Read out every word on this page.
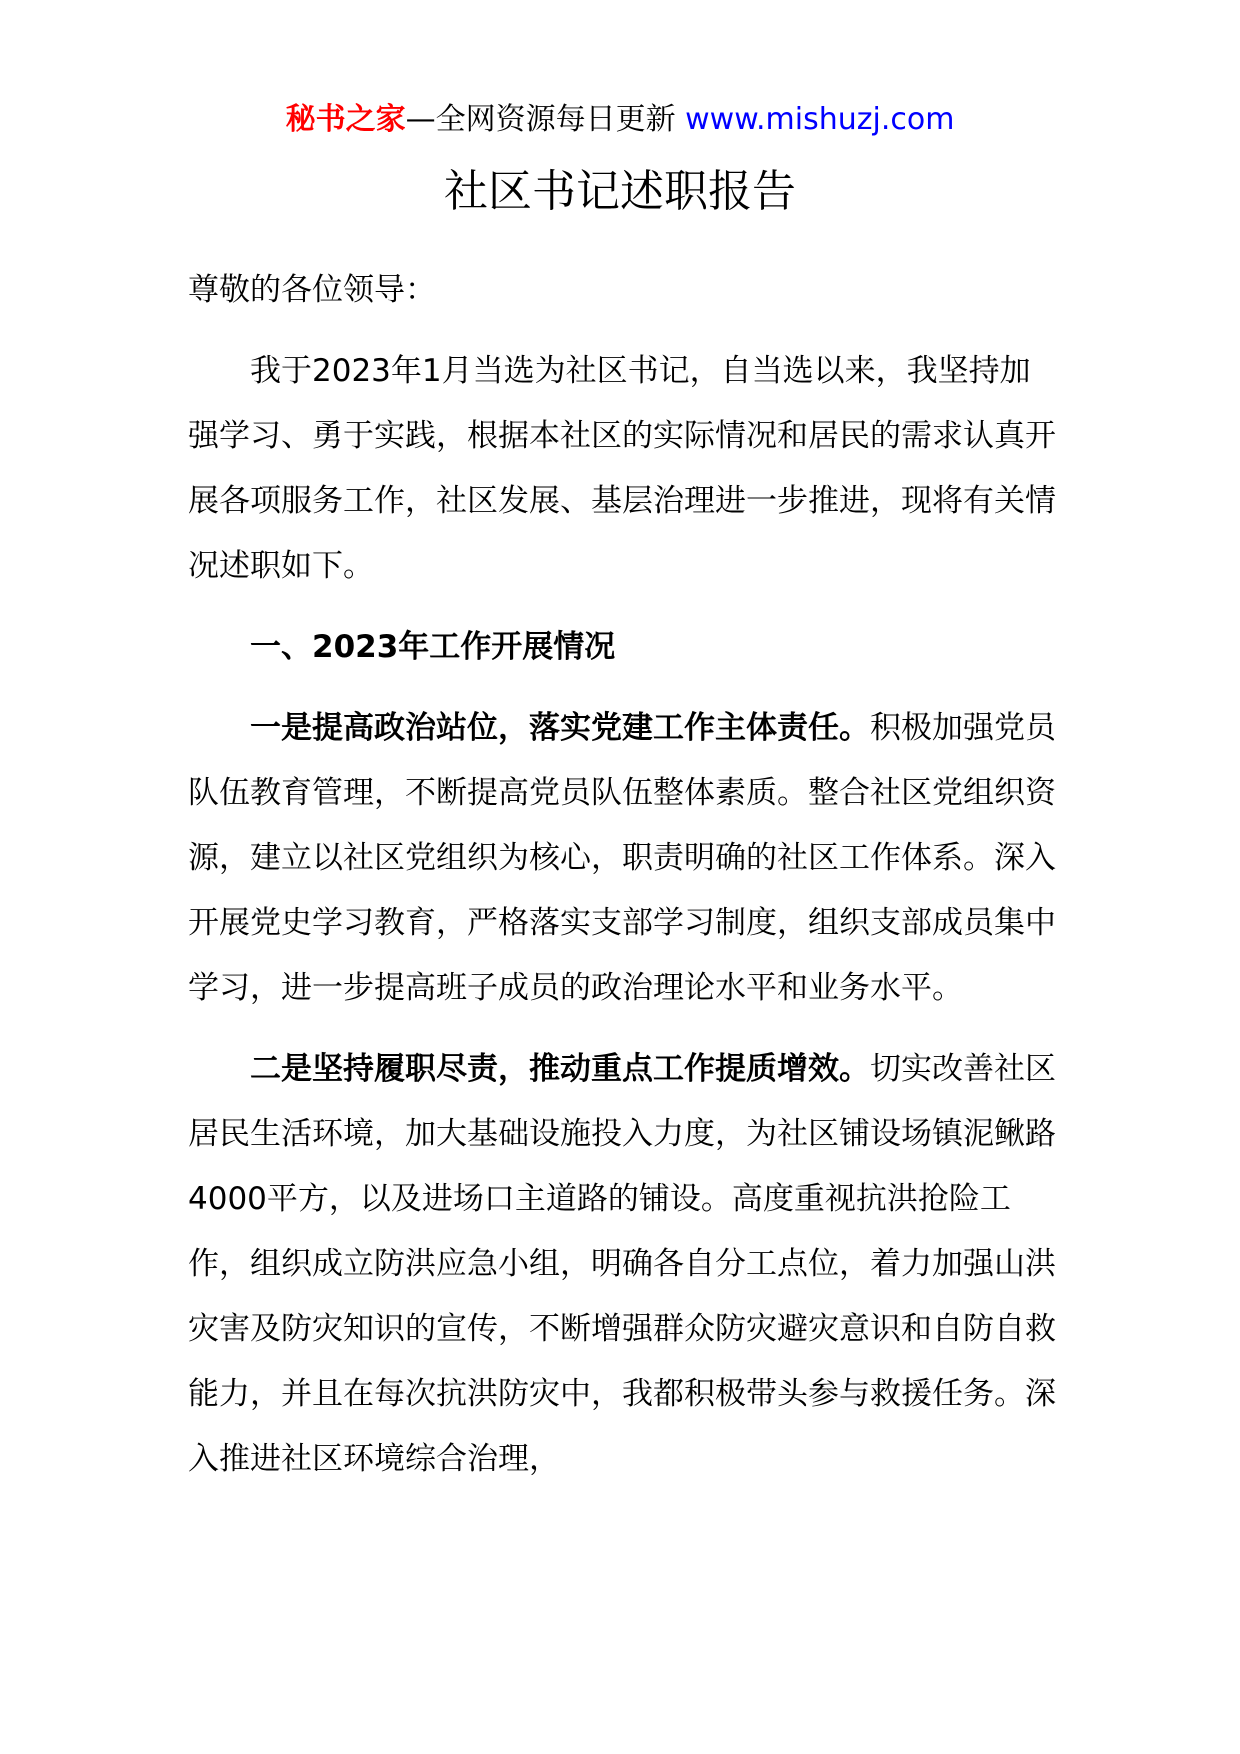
秘书之家—全网资源每日更新 www.mishuzj.com
社区书记述职报告

尊敬的各位领导：

我于2023年1月当选为社区书记，自当选以来，我坚持加强学习、勇于实践，根据本社区的实际情况和居民的需求认真开展各项服务工作，社区发展、基层治理进一步推进，现将有关情况述职如下。

一、2023年工作开展情况

一是提高政治站位，落实党建工作主体责任。积极加强党员队伍教育管理，不断提高党员队伍整体素质。整合社区党组织资源，建立以社区党组织为核心，职责明确的社区工作体系。深入开展党史学习教育，严格落实支部学习制度，组织支部成员集中学习，进一步提高班子成员的政治理论水平和业务水平。

二是坚持履职尽责，推动重点工作提质增效。切实改善社区居民生活环境，加大基础设施投入力度，为社区铺设场镇泥鳅路4000平方，以及进场口主道路的铺设。高度重视抗洪抢险工作，组织成立防洪应急小组，明确各自分工点位，着力加强山洪灾害及防灾知识的宣传，不断增强群众防灾避灾意识和自防自救能力，并且在每次抗洪防灾中，我都积极带头参与救援任务。深入推进社区环境综合治理，
